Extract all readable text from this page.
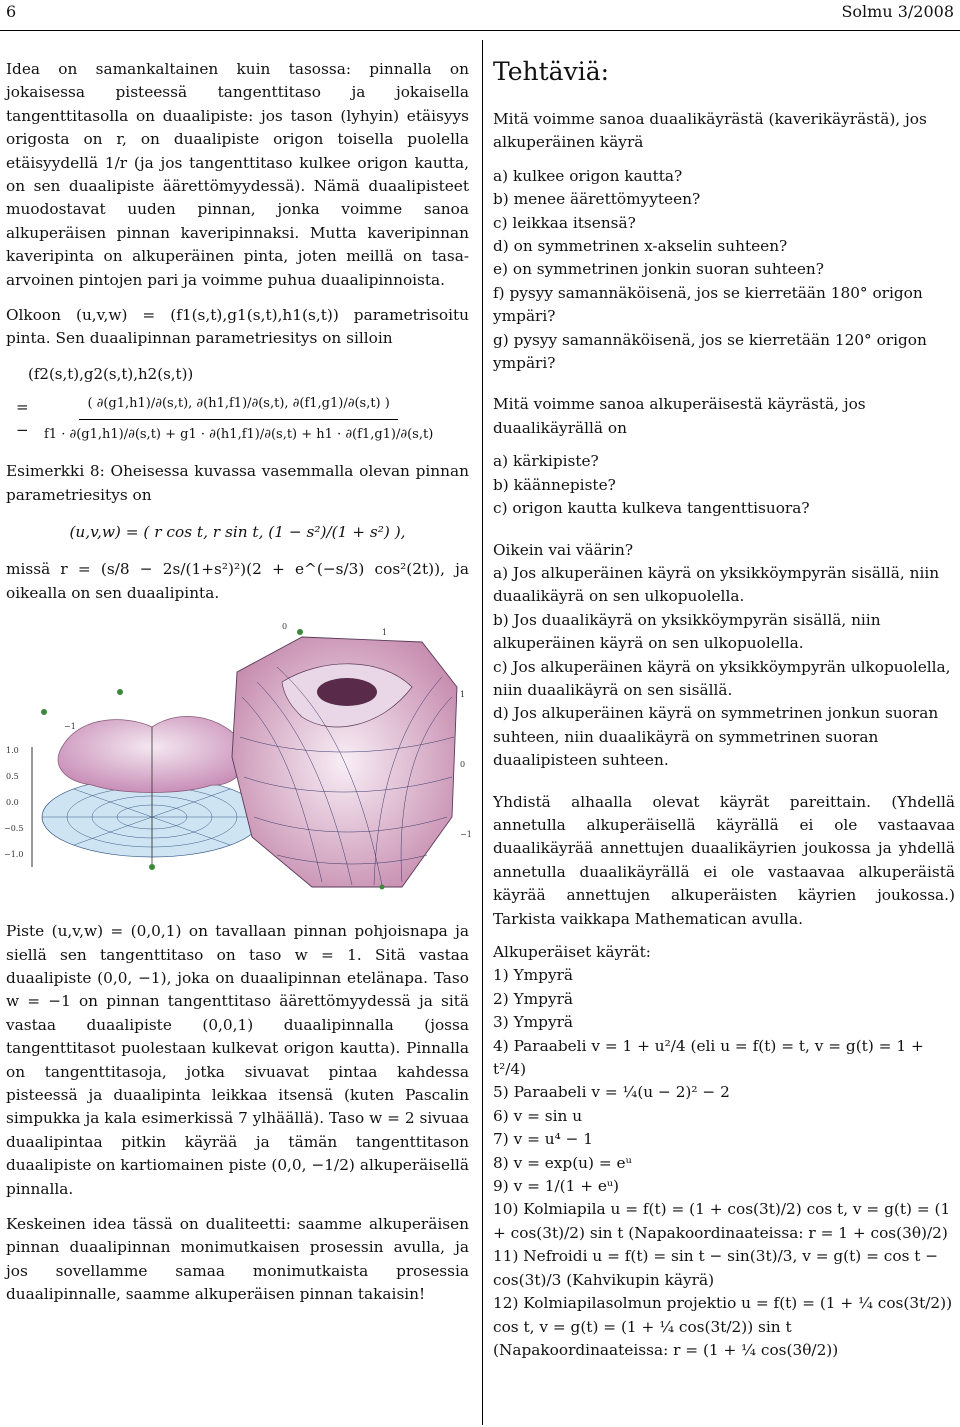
6	Solmu 3/2008

Idea on samankaltainen kuin tasossa: pinnalla on jokaisessa pisteessä tangenttitaso ja jokaisella tangenttitasolla on duaalipiste: jos tason (lyhyin) etäisyys origosta on r, on duaalipiste origon toisella puolella etäisyydellä 1/r (ja jos tangenttitaso kulkee origon kautta, on sen duaalipiste äärettömyydessä). Nämä duaalipisteet muodostavat uuden pinnan, jonka voimme sanoa alkuperäisen pinnan kaveripinnaksi. Mutta kaveripinnan kaveripinta on alkuperäinen pinta, joten meillä on tasa-arvoinen pintojen pari ja voimme puhua duaalipinnoista.

Olkoon (u,v,w) = (f1(s,t),g1(s,t),h1(s,t)) parametrisoitu pinta. Sen duaalipinnan parametriesitys on silloin

(f2(s,t),g2(s,t),h2(s,t))
= −
( ∂(g1,h1)/∂(s,t), ∂(h1,f1)/∂(s,t), ∂(f1,g1)/∂(s,t) )
f1 · ∂(g1,h1)/∂(s,t) + g1 · ∂(h1,f1)/∂(s,t) + h1 · ∂(f1,g1)/∂(s,t)

Esimerkki 8: Oheisessa kuvassa vasemmalla olevan pinnan parametriesitys on

(u,v,w) = ( r cos t, r sin t, (1 − s²)/(1 + s²) ),

missä r = (s/8 − 2s/(1+s²)²)(2 + e^(−s/3) cos²(2t)), ja oikealla on sen duaalipinta.

1.0
0.5
0.0
−0.5
−1.0
−1
0
1
1
0
−1

Piste (u,v,w) = (0,0,1) on tavallaan pinnan pohjoisnapa ja siellä sen tangenttitaso on taso w = 1. Sitä vastaa duaalipiste (0,0, −1), joka on duaalipinnan etelänapa. Taso w = −1 on pinnan tangenttitaso äärettömyydessä ja sitä vastaa duaalipiste (0,0,1) duaalipinnalla (jossa tangenttitasot puolestaan kulkevat origon kautta). Pinnalla on tangenttitasoja, jotka sivuavat pintaa kahdessa pisteessä ja duaalipinta leikkaa itsensä (kuten Pascalin simpukka ja kala esimerkissä 7 ylhäällä). Taso w = 2 sivuaa duaalipintaa pitkin käyrää ja tämän tangenttitason duaalipiste on kartiomainen piste (0,0, −1/2) alkuperäisellä pinnalla.

Keskeinen idea tässä on dualiteetti: saamme alkuperäisen pinnan duaalipinnan monimutkaisen prosessin avulla, ja jos sovellamme samaa monimutkaista prosessia duaalipinnalle, saamme alkuperäisen pinnan takaisin!

Tehtäviä:

Mitä voimme sanoa duaalikäyrästä (kaverikäyrästä), jos alkuperäinen käyrä

a) kulkee origon kautta?
b) menee äärettömyyteen?
c) leikkaa itsensä?
d) on symmetrinen x-akselin suhteen?
e) on symmetrinen jonkin suoran suhteen?
f) pysyy samannäköisenä, jos se kierretään 180° origon ympäri?
g) pysyy samannäköisenä, jos se kierretään 120° origon ympäri?

Mitä voimme sanoa alkuperäisestä käyrästä, jos duaalikäyrällä on

a) kärkipiste?
b) käännepiste?
c) origon kautta kulkeva tangenttisuora?
Oikein vai väärin?
a) Jos alkuperäinen käyrä on yksikköympyrän sisällä, niin duaalikäyrä on sen ulkopuolella.
b) Jos duaalikäyrä on yksikköympyrän sisällä, niin alkuperäinen käyrä on sen ulkopuolella.
c) Jos alkuperäinen käyrä on yksikköympyrän ulkopuolella, niin duaalikäyrä on sen sisällä.
d) Jos alkuperäinen käyrä on symmetrinen jonkun suoran suhteen, niin duaalikäyrä on symmetrinen suoran duaalipisteen suhteen.

Yhdistä alhaalla olevat käyrät pareittain. (Yhdellä annetulla alkuperäisellä käyrällä ei ole vastaavaa duaalikäyrää annettujen duaalikäyrien joukossa ja yhdellä annetulla duaalikäyrällä ei ole vastaavaa alkuperäistä käyrää annettujen alkuperäisten käyrien joukossa.) Tarkista vaikkapa Mathematican avulla.

Alkuperäiset käyrät:
1) Ympyrä
2) Ympyrä
3) Ympyrä
4) Paraabeli v = 1 + u²/4 (eli u = f(t) = t, v = g(t) = 1 + t²/4)
5) Paraabeli v = ¼(u − 2)² − 2
6) v = sin u
7) v = u⁴ − 1
8) v = exp(u) = eᵘ
9) v = 1/(1 + eᵘ)
10) Kolmiapila u = f(t) = (1 + cos(3t)/2) cos t, v = g(t) = (1 + cos(3t)/2) sin t (Napakoordinaateissa: r = 1 + cos(3θ)/2)
11) Nefroidi u = f(t) = sin t − sin(3t)/3, v = g(t) = cos t − cos(3t)/3 (Kahvikupin käyrä)
12) Kolmiapilasolmun projektio u = f(t) = (1 + ¼ cos(3t/2)) cos t, v = g(t) = (1 + ¼ cos(3t/2)) sin t (Napakoordinaateissa: r = (1 + ¼ cos(3θ/2))
